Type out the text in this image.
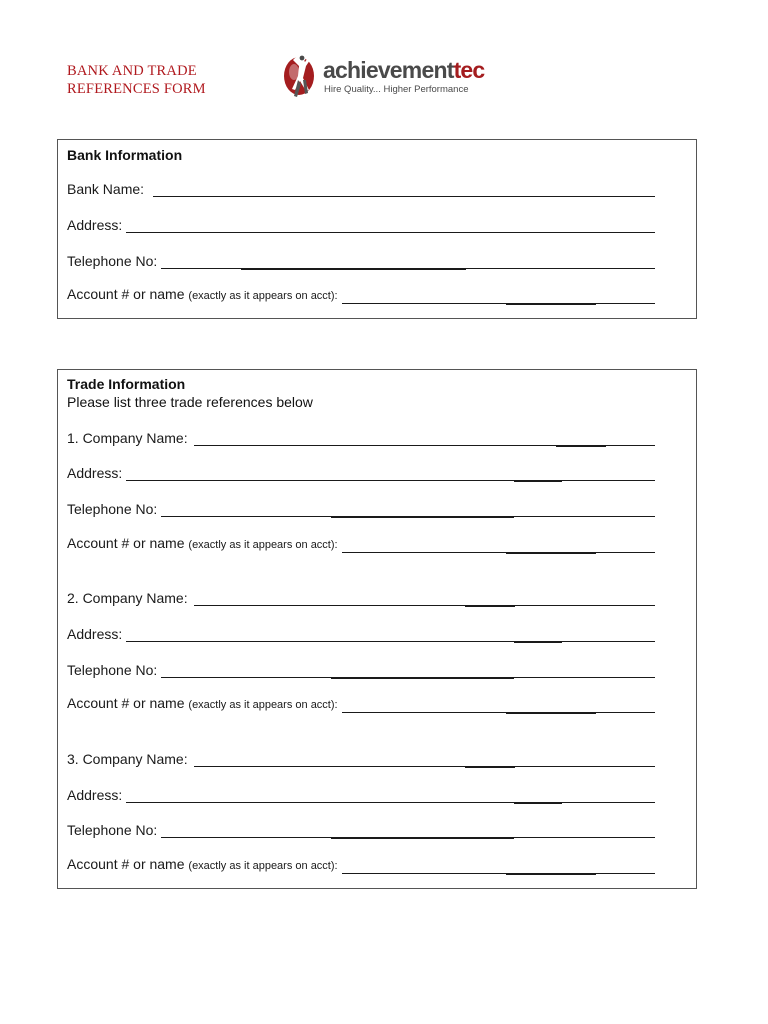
BANK AND TRADE
REFERENCES FORM
achievementtec
Hire Quality... Higher Performance
Bank Information
Bank Name:
Address:
Telephone No:
Account # or name (exactly as it appears on acct):
Trade Information
Please list three trade references below
1. Company Name:
Address:
Telephone No:
Account # or name (exactly as it appears on acct):
2. Company Name:
Address:
Telephone No:
Account # or name (exactly as it appears on acct):
3. Company Name:
Address:
Telephone No:
Account # or name (exactly as it appears on acct):
